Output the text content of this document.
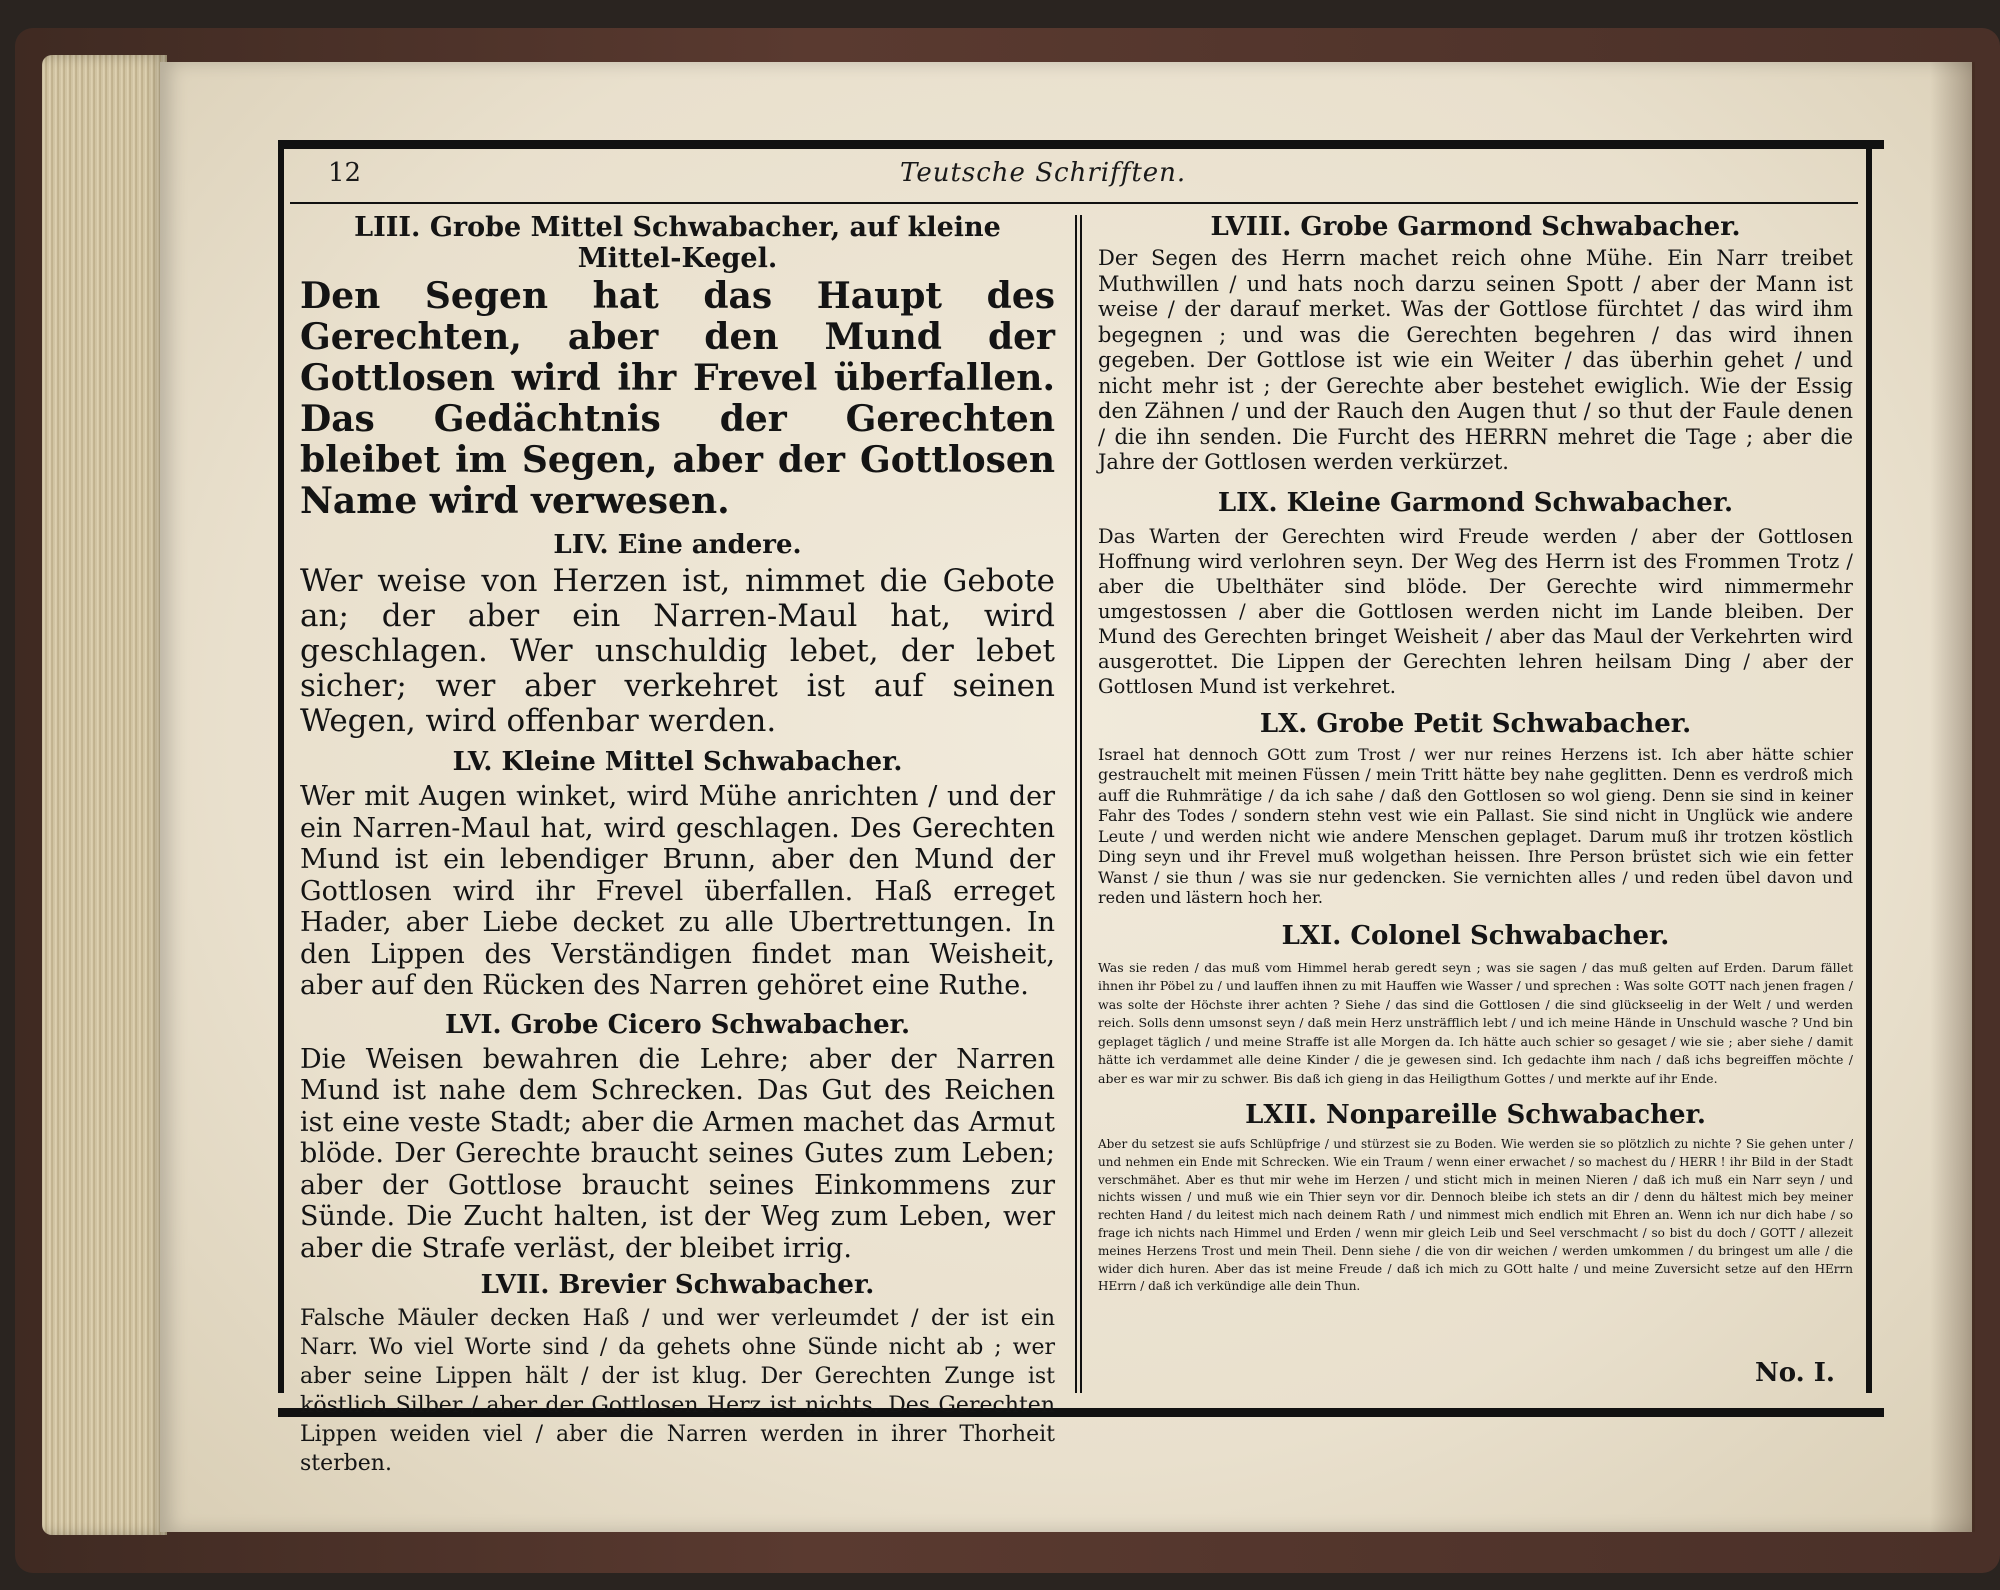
12	Teutsche Schrifften.
LIII. Grobe Mittel Schwabacher, auf kleine Mittel-Kegel.

Den Segen hat das Haupt des Gerechten, aber den Mund der Gottlosen wird ihr Frevel überfallen. Das Gedächtnis der Gerechten bleibet im Segen, aber der Gottlosen Name wird verwesen.

LIV. Eine andere.

Wer weise von Herzen ist, nimmet die Gebote an; der aber ein Narren-Maul hat, wird geschlagen. Wer unschuldig lebet, der lebet sicher; wer aber verkehret ist auf seinen Wegen, wird offenbar werden.

LV. Kleine Mittel Schwabacher.

Wer mit Augen winket, wird Mühe anrichten / und der ein Narren-Maul hat, wird geschlagen. Des Gerechten Mund ist ein lebendiger Brunn, aber den Mund der Gottlosen wird ihr Frevel überfallen. Haß erreget Hader, aber Liebe decket zu alle Ubertrettungen. In den Lippen des Verständigen findet man Weisheit, aber auf den Rücken des Narren gehöret eine Ruthe.

LVI. Grobe Cicero Schwabacher.

Die Weisen bewahren die Lehre; aber der Narren Mund ist nahe dem Schrecken. Das Gut des Reichen ist eine veste Stadt; aber die Armen machet das Armut blöde. Der Gerechte braucht seines Gutes zum Leben; aber der Gottlose braucht seines Einkommens zur Sünde. Die Zucht halten, ist der Weg zum Leben, wer aber die Strafe verläst, der bleibet irrig.

LVII. Brevier Schwabacher.

Falsche Mäuler decken Haß / und wer verleumdet / der ist ein Narr. Wo viel Worte sind / da gehets ohne Sünde nicht ab ; wer aber seine Lippen hält / der ist klug. Der Gerechten Zunge ist köstlich Silber / aber der Gottlosen Herz ist nichts. Des Gerechten Lippen weiden viel / aber die Narren werden in ihrer Thorheit sterben.

LVIII. Grobe Garmond Schwabacher.

Der Segen des Herrn machet reich ohne Mühe. Ein Narr treibet Muthwillen / und hats noch darzu seinen Spott / aber der Mann ist weise / der darauf merket. Was der Gottlose fürchtet / das wird ihm begegnen ; und was die Gerechten begehren / das wird ihnen gegeben. Der Gottlose ist wie ein Weiter / das überhin gehet / und nicht mehr ist ; der Gerechte aber bestehet ewiglich. Wie der Essig den Zähnen / und der Rauch den Augen thut / so thut der Faule denen / die ihn senden. Die Furcht des HERRN mehret die Tage ; aber die Jahre der Gottlosen werden verkürzet.

LIX. Kleine Garmond Schwabacher.

Das Warten der Gerechten wird Freude werden / aber der Gottlosen Hoffnung wird verlohren seyn. Der Weg des Herrn ist des Frommen Trotz / aber die Ubelthäter sind blöde. Der Gerechte wird nimmermehr umgestossen / aber die Gottlosen werden nicht im Lande bleiben. Der Mund des Gerechten bringet Weisheit / aber das Maul der Verkehrten wird ausgerottet. Die Lippen der Gerechten lehren heilsam Ding / aber der Gottlosen Mund ist verkehret.

LX. Grobe Petit Schwabacher.

Israel hat dennoch GOtt zum Trost / wer nur reines Herzens ist. Ich aber hätte schier gestrauchelt mit meinen Füssen / mein Tritt hätte bey nahe geglitten. Denn es verdroß mich auff die Ruhmrätige / da ich sahe / daß den Gottlosen so wol gieng. Denn sie sind in keiner Fahr des Todes / sondern stehn vest wie ein Pallast. Sie sind nicht in Unglück wie andere Leute / und werden nicht wie andere Menschen geplaget. Darum muß ihr trotzen köstlich Ding seyn und ihr Frevel muß wolgethan heissen. Ihre Person brüstet sich wie ein fetter Wanst / sie thun / was sie nur gedencken. Sie vernichten alles / und reden übel davon und reden und lästern hoch her.

LXI. Colonel Schwabacher.

Was sie reden / das muß vom Himmel herab geredt seyn ; was sie sagen / das muß gelten auf Erden. Darum fället ihnen ihr Pöbel zu / und lauffen ihnen zu mit Hauffen wie Wasser / und sprechen : Was solte GOTT nach jenen fragen / was solte der Höchste ihrer achten ? Siehe / das sind die Gottlosen / die sind glückseelig in der Welt / und werden reich. Solls denn umsonst seyn / daß mein Herz unsträfflich lebt / und ich meine Hände in Unschuld wasche ? Und bin geplaget täglich / und meine Straffe ist alle Morgen da. Ich hätte auch schier so gesaget / wie sie ; aber siehe / damit hätte ich verdammet alle deine Kinder / die je gewesen sind. Ich gedachte ihm nach / daß ichs begreiffen möchte / aber es war mir zu schwer. Bis daß ich gieng in das Heiligthum Gottes / und merkte auf ihr Ende.

LXII. Nonpareille Schwabacher.

Aber du setzest sie aufs Schlüpfrige / und stürzest sie zu Boden. Wie werden sie so plötzlich zu nichte ? Sie gehen unter / und nehmen ein Ende mit Schrecken. Wie ein Traum / wenn einer erwachet / so machest du / HERR ! ihr Bild in der Stadt verschmähet. Aber es thut mir wehe im Herzen / und sticht mich in meinen Nieren / daß ich muß ein Narr seyn / und nichts wissen / und muß wie ein Thier seyn vor dir. Dennoch bleibe ich stets an dir / denn du hältest mich bey meiner rechten Hand / du leitest mich nach deinem Rath / und nimmest mich endlich mit Ehren an. Wenn ich nur dich habe / so frage ich nichts nach Himmel und Erden / wenn mir gleich Leib und Seel verschmacht / so bist du doch / GOTT / allezeit meines Herzens Trost und mein Theil. Denn siehe / die von dir weichen / werden umkommen / du bringest um alle / die wider dich huren. Aber das ist meine Freude / daß ich mich zu GOtt halte / und meine Zuversicht setze auf den HErrn HErrn / daß ich verkündige alle dein Thun.

No. I.
